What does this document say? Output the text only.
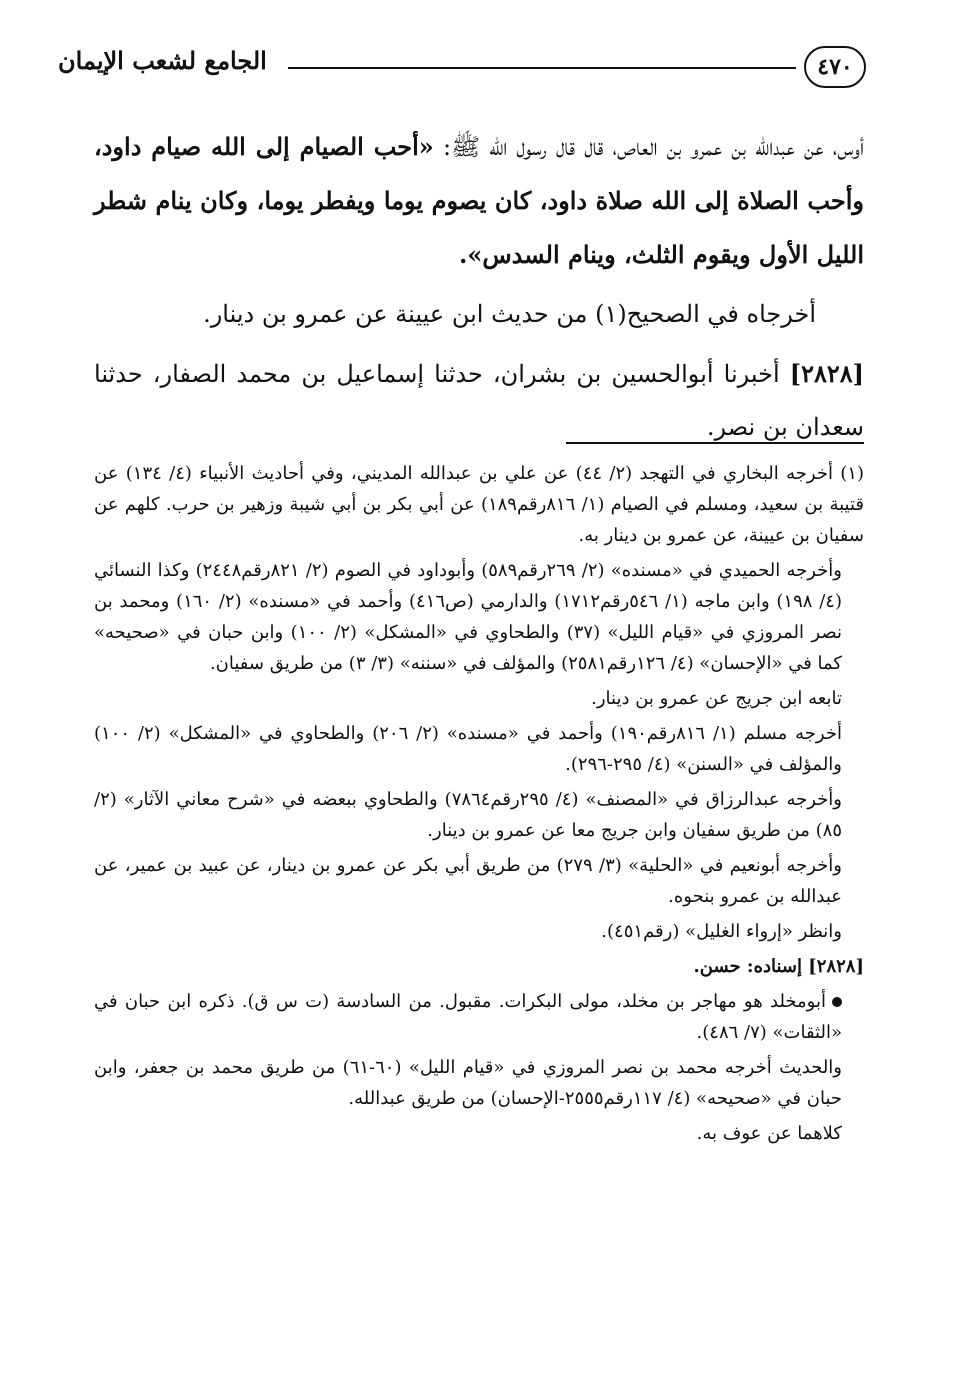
٤٧٠
الجامع لشعب الإيمان

أوس، عن عبدالله بن عمرو بن العاص، قال قال رسول الله ﷺ: «أحب الصيام إلى الله صيام داود، وأحب الصلاة إلى الله صلاة داود، كان يصوم يوما ويفطر يوما، وكان ينام شطر الليل الأول ويقوم الثلث، وينام السدس».

أخرجاه في الصحيح(١) من حديث ابن عيينة عن عمرو بن دينار.

[٢٨٢٨] أخبرنا أبوالحسين بن بشران، حدثنا إسماعيل بن محمد الصفار، حدثنا سعدان بن نصر.

(١) أخرجه البخاري في التهجد (٢/ ٤٤) عن علي بن عبدالله المديني، وفي أحاديث الأنبياء (٤/ ١٣٤) عن قتيبة بن سعيد، ومسلم في الصيام (١/ ٨١٦رقم١٨٩) عن أبي بكر بن أبي شيبة وزهير بن حرب. كلهم عن سفيان بن عيينة، عن عمرو بن دينار به.

وأخرجه الحميدي في «مسنده» (٢/ ٢٦٩رقم٥٨٩) وأبوداود في الصوم (٢/ ٨٢١رقم٢٤٤٨) وكذا النسائي (٤/ ١٩٨) وابن ماجه (١/ ٥٤٦رقم١٧١٢) والدارمي (ص٤١٦) وأحمد في «مسنده» (٢/ ١٦٠) ومحمد بن نصر المروزي في «قيام الليل» (٣٧) والطحاوي في «المشكل» (٢/ ١٠٠) وابن حبان في «صحيحه» كما في «الإحسان» (٤/ ١٢٦رقم٢٥٨١) والمؤلف في «سننه» (٣/ ٣) من طريق سفيان.

تابعه ابن جريج عن عمرو بن دينار.

أخرجه مسلم (١/ ٨١٦رقم١٩٠) وأحمد في «مسنده» (٢/ ٢٠٦) والطحاوي في «المشكل» (٢/ ١٠٠) والمؤلف في «السنن» (٤/ ٢٩٥-٢٩٦).

وأخرجه عبدالرزاق في «المصنف» (٤/ ٢٩٥رقم٧٨٦٤) والطحاوي ببعضه في «شرح معاني الآثار» (٢/ ٨٥) من طريق سفيان وابن جريج معا عن عمرو بن دينار.

وأخرجه أبونعيم في «الحلية» (٣/ ٢٧٩) من طريق أبي بكر عن عمرو بن دينار، عن عبيد بن عمير، عن عبدالله بن عمرو بنحوه.

وانظر «إرواء الغليل» (رقم٤٥١).

[٢٨٢٨] إسناده: حسن.

أبومخلد هو مهاجر بن مخلد، مولى البكرات. مقبول. من السادسة (ت س ق). ذكره ابن حبان في «الثقات» (٧/ ٤٨٦).

والحديث أخرجه محمد بن نصر المروزي في «قيام الليل» (٦٠-٦١) من طريق محمد بن جعفر، وابن حبان في «صحيحه» (٤/ ١١٧رقم٢٥٥٥-الإحسان) من طريق عبدالله.

كلاهما عن عوف به.
